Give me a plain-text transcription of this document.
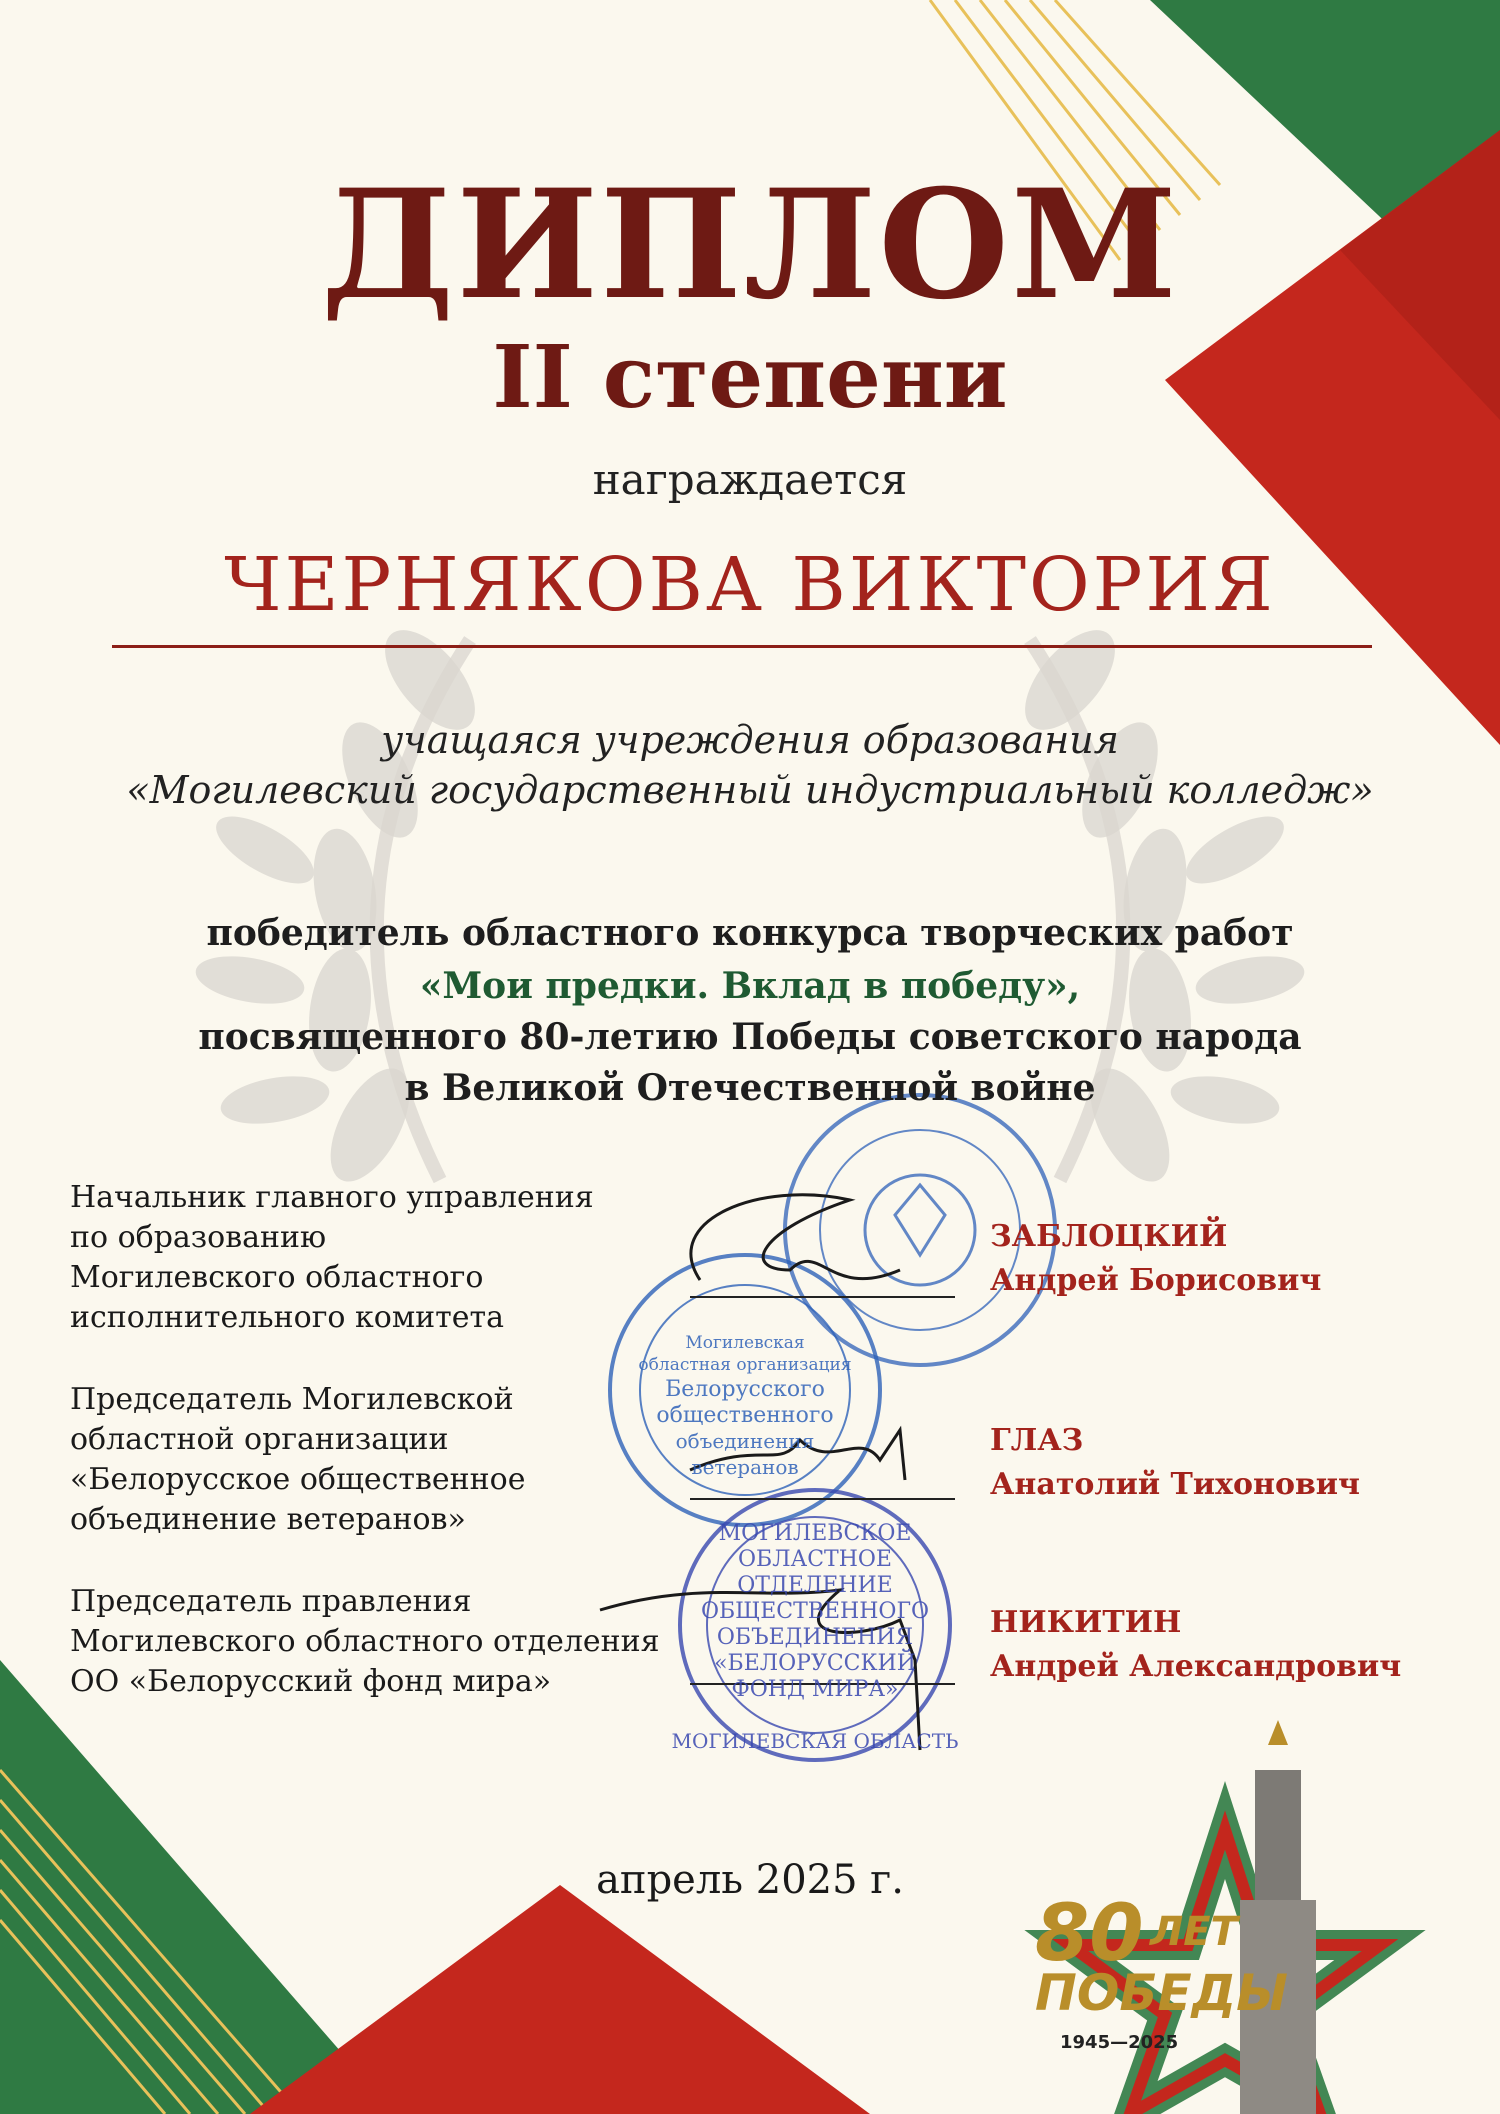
ДИПЛОМ
II степени
награждается
ЧЕРНЯКОВА ВИКТОРИЯ
учащаяся учреждения образования
«Могилевский государственный индустриальный колледж»
победитель областного конкурса творческих работ
«Мои предки. Вклад в победу»,
посвященного 80-летию Победы советского народа
в Великой Отечественной войне
Начальник главного управления
по образованию
Могилевского областного
исполнительного комитета
ЗАБЛОЦКИЙ
Андрей Борисович
Председатель Могилевской
областной организации
«Белорусское общественное
объединение ветеранов»
ГЛАЗ
Анатолий Тихонович
Председатель правления
Могилевского областного отделения
ОО «Белорусский фонд мира»
НИКИТИН
Андрей Александрович
Могилевская
областная организация
Белорусского
общественного
объединения
ветеранов
МОГИЛЕВСКОЕ
ОБЛАСТНОЕ
ОТДЕЛЕНИЕ
ОБЩЕСТВЕННОГО
ОБЪЕДИНЕНИЯ
«БЕЛОРУССКИЙ
ФОНД МИРА»
МОГИЛЕВСКАЯ ОБЛАСТЬ
апрель 2025 г.
80 ЛЕТ
ПОБЕДЫ
1945—2025
